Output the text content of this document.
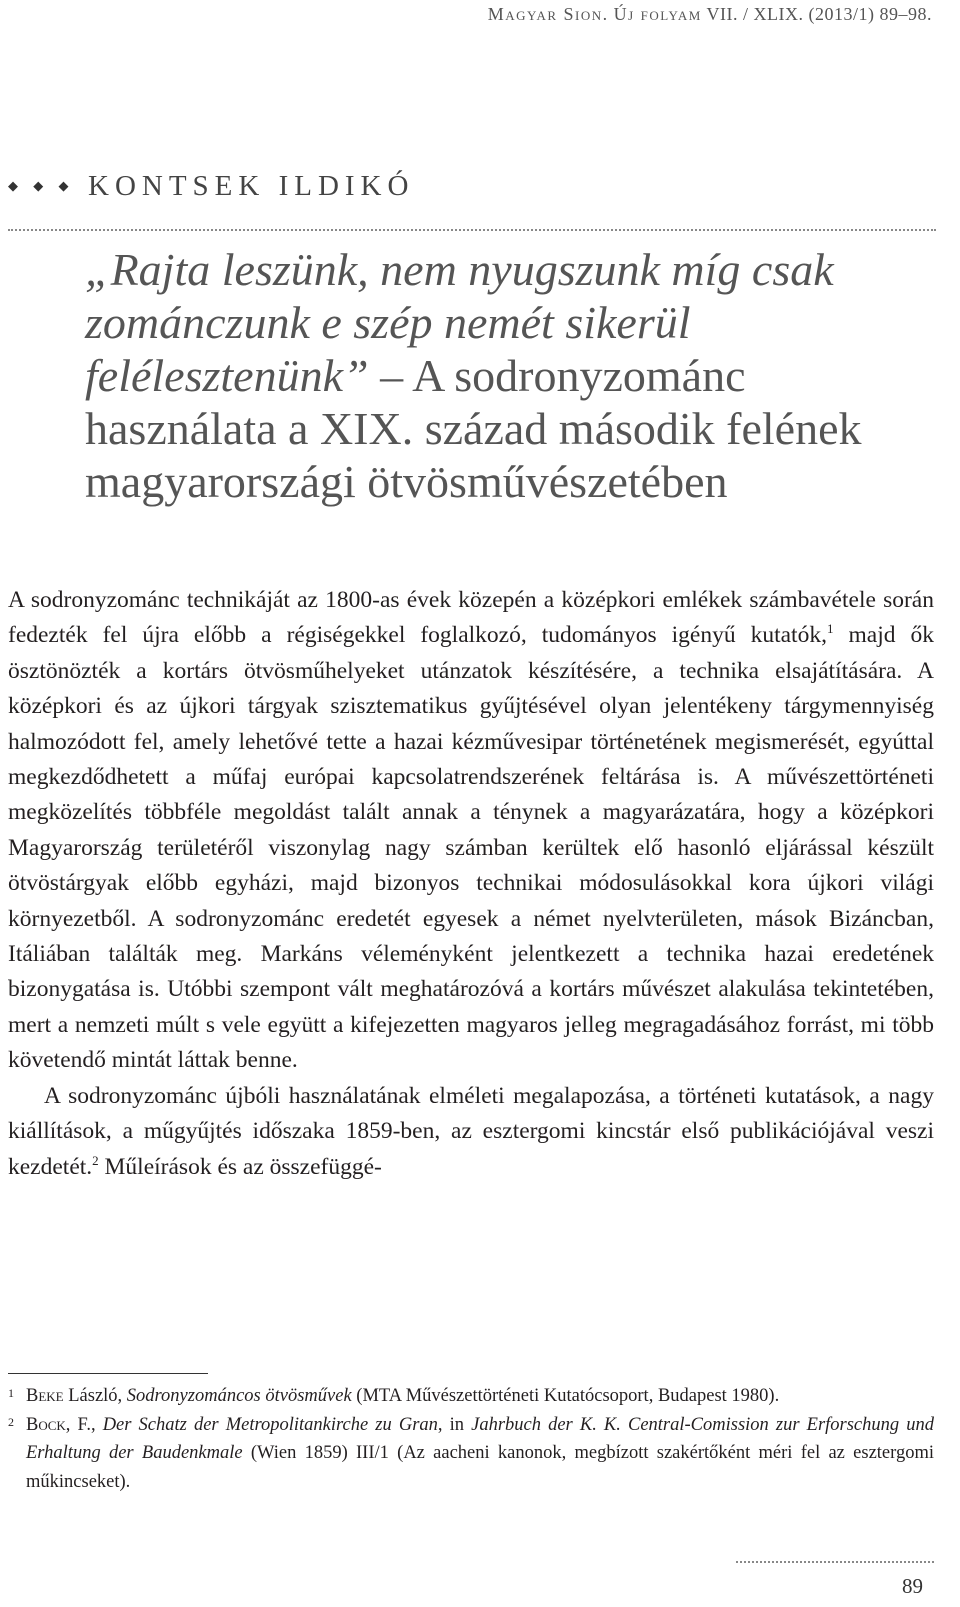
Magyar Sion. Új folyam VII. / XLIX. (2013/1) 89–98.
◆ ◆ ◆ KONTSEK ILDIKÓ
„Rajta leszünk, nem nyugszunk míg csak zománczunk e szép nemét sikerül felélesztenünk” – A sodronyzománc használata a XIX. század második felének magyarországi ötvösművészetében

A sodronyzománc technikáját az 1800-as évek közepén a középkori emlékek számbavétele során fedezték fel újra előbb a régiségekkel foglalkozó, tudományos igényű kutatók,$^1$ majd ők ösztönözték a kortárs ötvösműhelyeket utánzatok készítésére, a technika elsajátítására. A középkori és az újkori tárgyak szisztematikus gyűjtésével olyan jelentékeny tárgymennyiség halmozódott fel, amely lehetővé tette a hazai kézművesipar történetének megismerését, egyúttal megkezdődhetett a műfaj európai kapcsolatrendszerének feltárása is. A művészettörténeti megközelítés többféle megoldást talált annak a ténynek a magyarázatára, hogy a középkori Magyarország területéről viszonylag nagy számban kerültek elő hasonló eljárással készült ötvöstárgyak előbb egyházi, majd bizonyos technikai módosulásokkal kora újkori világi környezetből. A sodronyzománc eredetét egyesek a német nyelvterületen, mások Bizáncban, Itáliában találták meg. Markáns véleményként jelentkezett a technika hazai eredetének bizonygatása is. Utóbbi szempont vált meghatározóvá a kortárs művészet alakulása tekintetében, mert a nemzeti múlt s vele együtt a kifejezetten magyaros jelleg megragadásához forrást, mi több követendő mintát láttak benne.

A sodronyzománc újbóli használatának elméleti megalapozása, a történeti kutatások, a nagy kiállítások, a műgyűjtés időszaka 1859-ben, az esztergomi kincstár első publikációjával veszi kezdetét.$^2$ Műleírások és az összefüggé-

1 Beke László, Sodronyzománcos ötvösművek (MTA Művészettörténeti Kutatócsoport, Budapest 1980).
2 Bock, F., Der Schatz der Metropolitankirche zu Gran, in Jahrbuch der K. K. Central-Comission zur Erforschung und Erhaltung der Baudenkmale (Wien 1859) III/1 (Az aacheni kanonok, megbízott szakértőként méri fel az esztergomi műkincseket).
89
